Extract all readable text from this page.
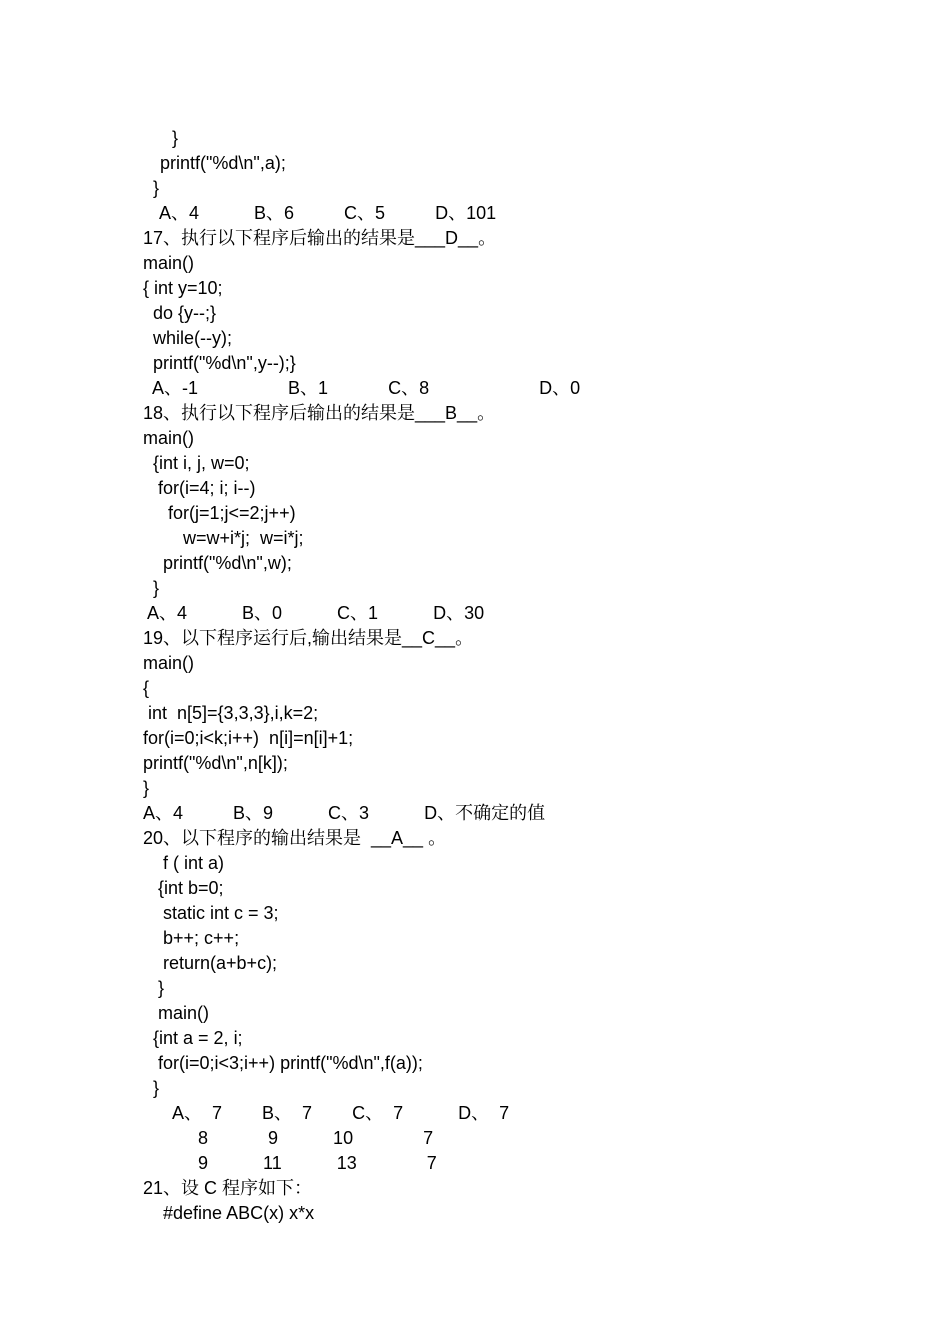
}
printf("%d\n",a);
}
A、4           B、6          C、5          D、101
17、执行以下程序后输出的结果是___D__。
main()
{ int y=10;
do {y--;}
while(--y);
printf("%d\n",y--);}
A、-1                  B、1            C、8                      D、0
18、执行以下程序后输出的结果是___B__。
main()
{int i, j, w=0;
for(i=4; i; i--)
for(j=1;j<=2;j++)
w=w+i*j;  w=i*j;
printf("%d\n",w);
}
A、4           B、0           C、1           D、30
19、以下程序运行后,输出结果是__C__。
main()
{
int  n[5]={3,3,3},i,k=2;
for(i=0;i<k;i++)  n[i]=n[i]+1;
printf("%d\n",n[k]);
}
A、4          B、9           C、3           D、不确定的值
20、以下程序的输出结果是  __A__ 。
f ( int a)
{int b=0;
static int c = 3;
b++; c++;
return(a+b+c);
}
main()
{int a = 2, i;
for(i=0;i<3;i++) printf("%d\n",f(a));
}
A、  7        B、  7        C、  7           D、  7
8            9           10              7
9           11           13              7
21、设 C 程序如下：
#define ABC(x) x*x
